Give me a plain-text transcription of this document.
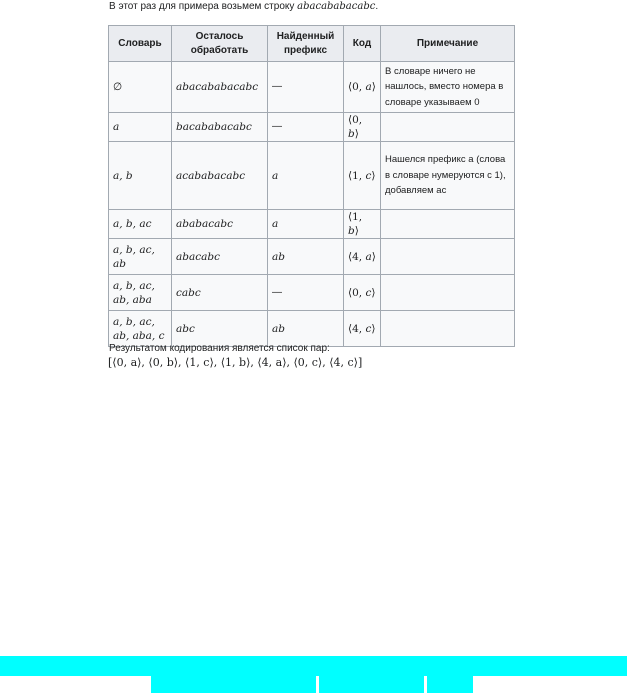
В этот раз для примера возьмем строку abacababacabc.
Словарь	Осталось обработать	Найденный префикс	Код	Примечание
∅	abacababacabc	—	⟨0, a⟩	В словаре ничего не нашлось, вместо номера в словаре указываем 0
a	bacababacabc	—	⟨0, b⟩	
a, b	acababacabc	a	⟨1, c⟩	Нашелся префикс a (слова в словаре нумеруются с 1), добавляем ac
a, b, ac	ababacabc	a	⟨1, b⟩	
a, b, ac, ab	abacabc	ab	⟨4, a⟩	
a, b, ac, ab, aba	cabc	—	⟨0, c⟩	
a, b, ac, ab, aba, c	abc	ab	⟨4, c⟩	
Результатом кодирования является список пар:
[⟨0, a⟩, ⟨0, b⟩, ⟨1, c⟩, ⟨1, b⟩, ⟨4, a⟩, ⟨0, c⟩, ⟨4, c⟩]
